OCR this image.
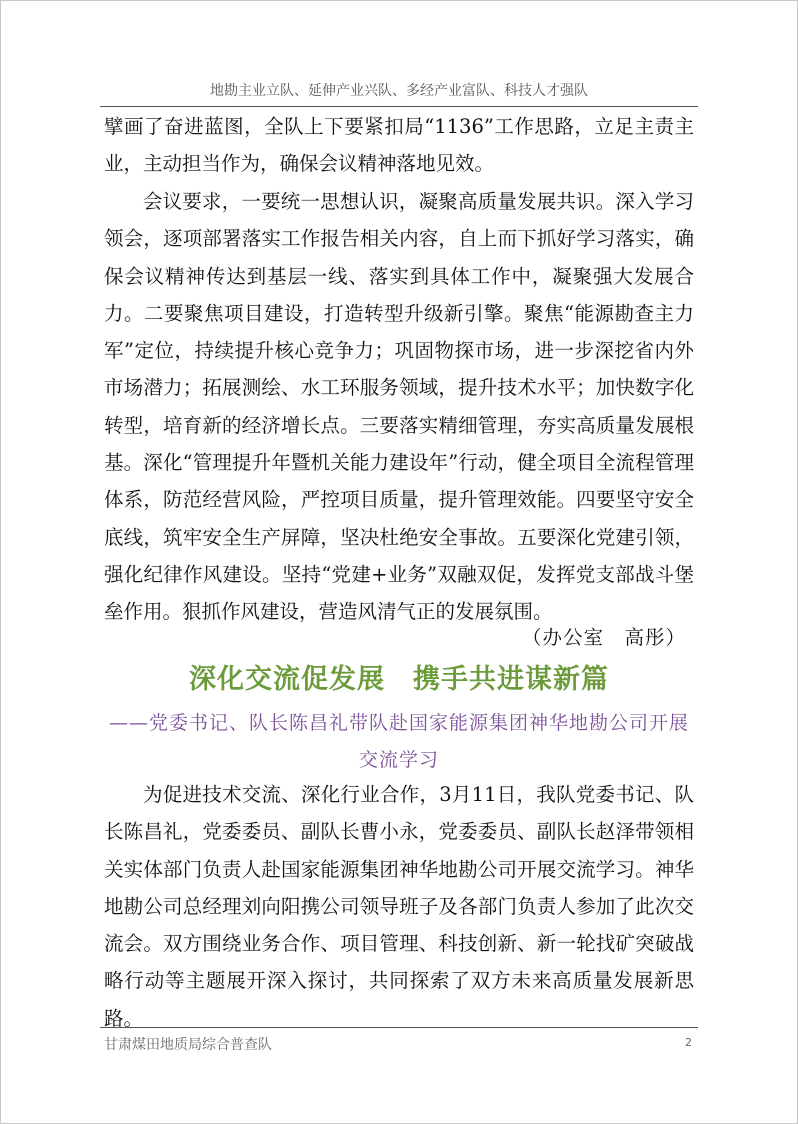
地勘主业立队、延伸产业兴队、多经产业富队、科技人才强队

擘画了奋进蓝图，全队上下要紧扣局“1136”工作思路，立足主责主业，主动担当作为，确保会议精神落地见效。

会议要求，一要统一思想认识，凝聚高质量发展共识。深入学习领会，逐项部署落实工作报告相关内容，自上而下抓好学习落实，确保会议精神传达到基层一线、落实到具体工作中，凝聚强大发展合力。二要聚焦项目建设，打造转型升级新引擎。聚焦“能源勘查主力军”定位，持续提升核心竞争力；巩固物探市场，进一步深挖省内外市场潜力；拓展测绘、水工环服务领域，提升技术水平；加快数字化转型，培育新的经济增长点。三要落实精细管理，夯实高质量发展根基。深化“管理提升年暨机关能力建设年”行动，健全项目全流程管理体系，防范经营风险，严控项目质量，提升管理效能。四要坚守安全底线，筑牢安全生产屏障，坚决杜绝安全事故。五要深化党建引领，强化纪律作风建设。坚持“党建+业务”双融双促，发挥党支部战斗堡垒作用。狠抓作风建设，营造风清气正的发展氛围。

（办公室　高彤）
深化交流促发展　携手共进谋新篇
——党委书记、队长陈昌礼带队赴国家能源集团神华地勘公司开展交流学习

为促进技术交流、深化行业合作，3月11日，我队党委书记、队长陈昌礼，党委委员、副队长曹小永，党委委员、副队长赵泽带领相关实体部门负责人赴国家能源集团神华地勘公司开展交流学习。神华地勘公司总经理刘向阳携公司领导班子及各部门负责人参加了此次交流会。双方围绕业务合作、项目管理、科技创新、新一轮找矿突破战略行动等主题展开深入探讨，共同探索了双方未来高质量发展新思路。

甘肃煤田地质局综合普查队	2
